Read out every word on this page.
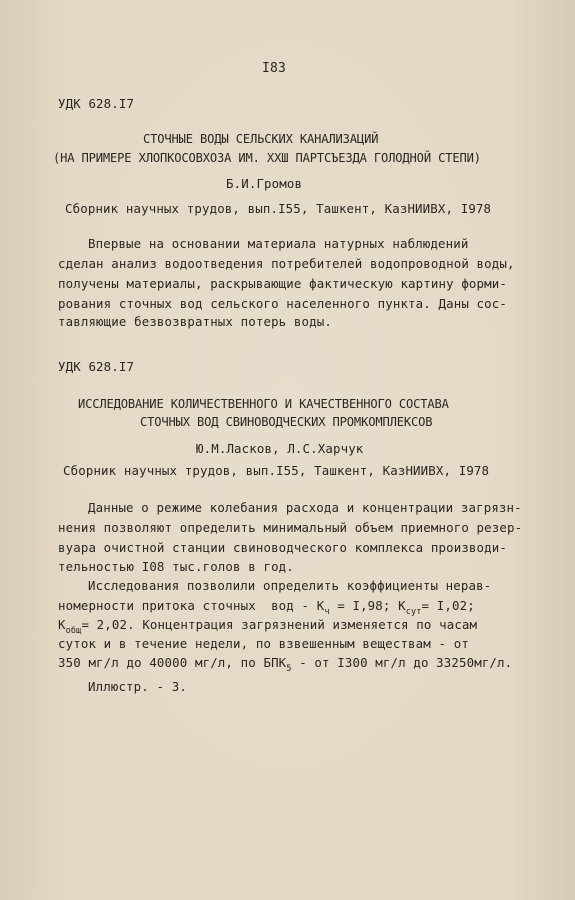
I83
УДК 628.I7
СТОЧНЫЕ ВОДЫ СЕЛЬСКИХ КАНАЛИЗАЦИЙ
(НА ПРИМЕРЕ ХЛОПКОСОВХОЗА ИМ. XXШ ПАРТСЪЕЗДА ГОЛОДНОЙ СТЕПИ)
Б.И.Громов
Сборник научных трудов, вып.I55, Ташкент, КазНИИВХ, I978
Впервые на основании материала натурных наблюдений
сделан анализ водоотведения потребителей водопроводной воды,
получены материалы, раскрывающие фактическую картину форми-
рования сточных вод сельского населенного пункта. Даны сос-
тавляющие безвозвратных потерь воды.
УДК 628.I7
ИССЛЕДОВАНИЕ КОЛИЧЕСТВЕННОГО И КАЧЕСТВЕННОГО СОСТАВА
СТОЧНЫХ ВОД СВИНОВОДЧЕСКИХ ПРОМКОМПЛЕКСОВ
Ю.М.Ласков, Л.С.Харчук
Сборник научных трудов, вып.I55, Ташкент, КазНИИВХ, I978
Данные о режиме колебания расхода и концентрации загрязн-
нения позволяют определить минимальный объем приемного резер-
вуара очистной станции свиноводческого комплекса производи-
тельностью I08 тыс.голов в год.
Исследования позволили определить коэффициенты нерав-
номерности притока сточных  вод - $К_ч = I,98$; $К_{сут}= I,02$;
$К_{общ}= 2,02$. Концентрация загрязнений изменяется по часам
суток и в течение недели, по взвешенным веществам - от
350 мг/л до 40000 мг/л, по $БПК_5$ - от I300 мг/л до 33250мг/л.
Иллюстр. - 3.
